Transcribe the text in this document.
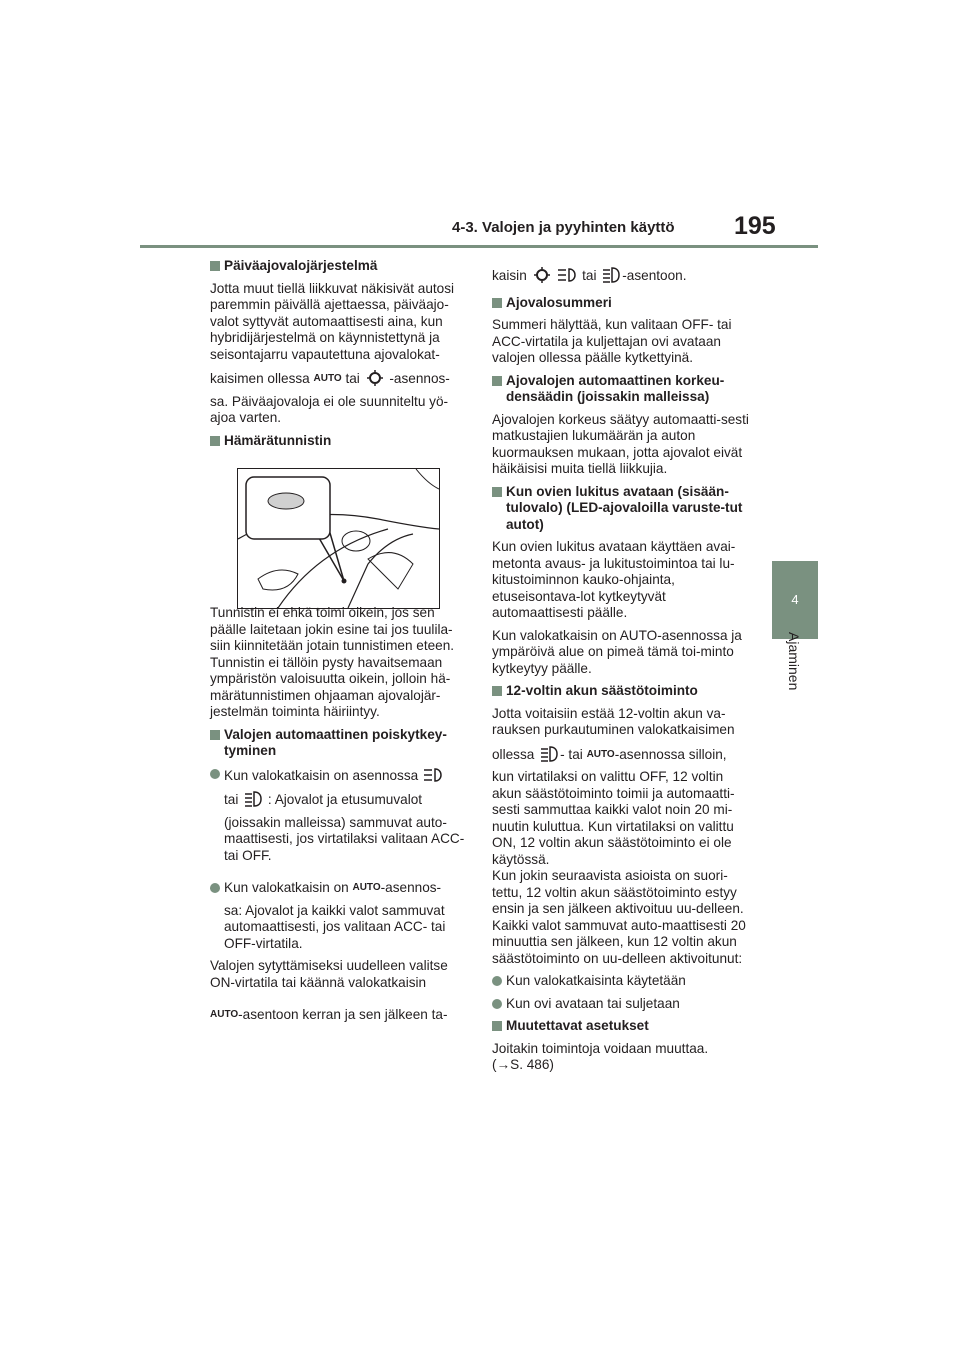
4-3. Valojen ja pyyhinten käyttö 195
4
Ajaminen
Päiväajovalojärjestelmä

Jotta muut tiellä liikkuvat näkisivät autosi paremmin päivällä ajettaessa, päiväajo-valot syttyvät automaattisesti aina, kun hybridijärjestelmä on käynnistettynä ja seisontajarru vapautettuna ajovalokat-

kaisimen ollessa AUTO tai -asennos-

sa. Päiväajovaloja ei ole suunniteltu yö-ajoa varten.

Hämärätunnistin

Tunnistin ei ehkä toimi oikein, jos sen päälle laitetaan jokin esine tai jos tuulila-siin kiinnitetään jotain tunnistimen eteen.

Tunnistin ei tällöin pysty havaitsemaan ympäristön valoisuutta oikein, jolloin hä-märätunnistimen ohjaaman ajovalojär-jestelmän toiminta häiriintyy.

Valojen automaattinen poiskytkey-tyminen

Kun valokatkaisin on asennossa

tai : Ajovalot ja etusumuvalot

(joissakin malleissa) sammuvat auto-maattisesti, jos virtatilaksi valitaan ACC- tai OFF.

Kun valokatkaisin on AUTO-asennos-

sa: Ajovalot ja kaikki valot sammuvat automaattisesti, jos valitaan ACC- tai OFF-virtatila.

Valojen sytyttämiseksi uudelleen valitse ON-virtatila tai käännä valokatkaisin

AUTO-asentoon kerran ja sen jälkeen ta-

kaisin	tai -asentoon.

Ajovalosummeri

Summeri hälyttää, kun valitaan OFF- tai ACC-virtatila ja kuljettajan ovi avataan valojen ollessa päälle kytkettyinä.

Ajovalojen automaattinen korkeu-densäädin (joissakin malleissa)

Ajovalojen korkeus säätyy automaatti-sesti matkustajien lukumäärän ja auton kuormauksen mukaan, jotta ajovalot eivät häikäisisi muita tiellä liikkujia.

Kun ovien lukitus avataan (sisään-tulovalo) (LED-ajovaloilla varuste-tut autot)

Kun ovien lukitus avataan käyttäen avai-metonta avaus- ja lukitustoimintoa tai lu-kitustoiminnon kauko-ohjainta, etuseisontava-lot kytkeytyvät automaattisesti päälle.

Kun valokatkaisin on AUTO-asennossa ja ympäröivä alue on pimeä tämä toi-minto kytkeytyy päälle.

12-voltin akun säästötoiminto

Jotta voitaisiin estää 12-voltin akun va-rauksen purkautuminen valokatkaisimen

ollessa - tai AUTO-asennossa silloin,

kun virtatilaksi on valittu OFF, 12 voltin akun säästötoiminto toimii ja automaatti-sesti sammuttaa kaikki valot noin 20 mi-nuutin kuluttua. Kun virtatilaksi on valittu ON, 12 voltin akun säästötoiminto ei ole käytössä.

Kun jokin seuraavista asioista on suori-tettu, 12 voltin akun säästötoiminto estyy ensin ja sen jälkeen aktivoituu uu-delleen. Kaikki valot sammuvat auto-maattisesti 20 minuuttia sen jälkeen, kun 12 voltin akun säästötoiminto on uu-delleen aktivoitunut:

Kun valokatkaisinta käytetään
Kun ovi avataan tai suljetaan
Muutettavat asetukset

Joitakin toimintoja voidaan muuttaa.

(→S. 486)
